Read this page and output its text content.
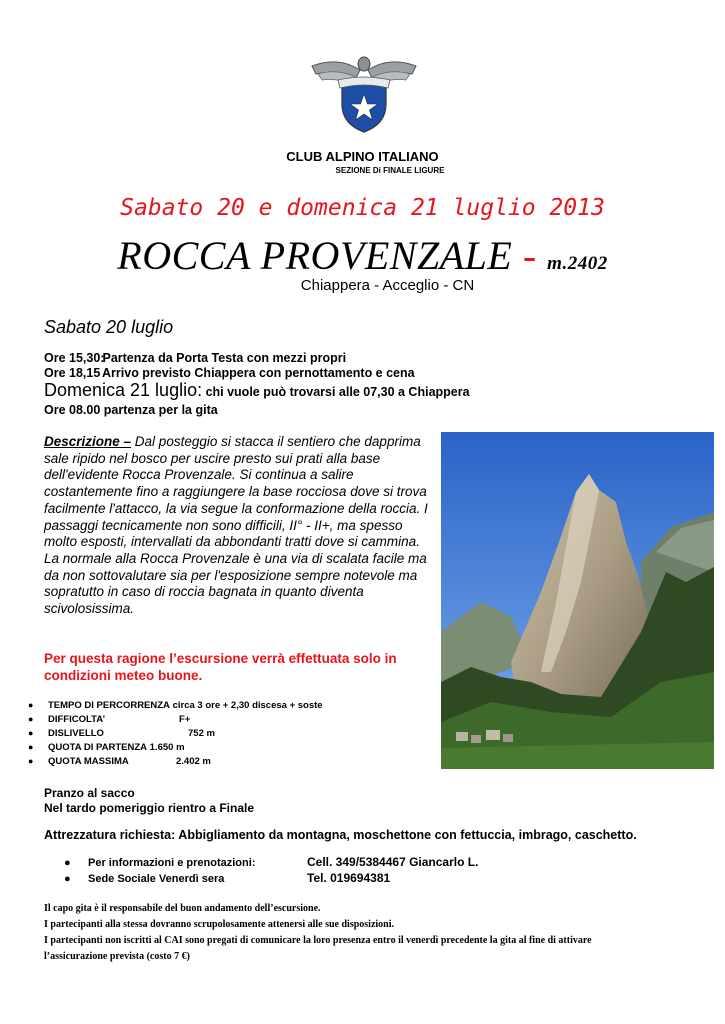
CLUB ALPINO ITALIANO
SEZIONE Di FINALE LIGURE
Sabato 20 e domenica 21 luglio 2013
ROCCA PROVENZALE - m.2402
Chiappera - Acceglio - CN
Sabato 20 luglio
Ore 15,30: Partenza da Porta Testa con mezzi propri
Ore 18,15 Arrivo previsto Chiappera con pernottamento e cena
Domenica 21 luglio: chi vuole può trovarsi alle 07,30 a Chiappera
Ore 08.00 partenza per la gita
Descrizione – Dal posteggio si stacca il sentiero che dapprima sale ripido nel bosco per uscire presto sui prati alla base dell'evidente Rocca Provenzale. Si continua a salire costantemente fino a raggiungere la base rocciosa dove si trova facilmente l'attacco, la via segue la conformazione della roccia. I passaggi tecnicamente non sono difficili, II° - II+, ma spesso molto esposti, intervallati da abbondanti tratti dove si cammina.
La normale alla Rocca Provenzale è una via di scalata facile ma da non sottovalutare sia per l'esposizione sempre notevole ma sopratutto in caso di roccia bagnata in quanto diventa scivolosissima.
Per questa ragione l’escursione verrà effettuata solo in condizioni meteo buone.
● TEMPO DI PERCORRENZA circa 3 ore + 2,30 discesa + soste
● DIFFICOLTA’	F+
● DISLIVELLO	752 m
● QUOTA DI PARTENZA 1.650 m
● QUOTA MASSIMA	2.402 m
Pranzo al sacco
Nel tardo pomeriggio rientro a Finale
Attrezzatura richiesta: Abbigliamento da montagna, moschettone con fettuccia, imbrago, caschetto.
● Per informazioni e prenotazioni:	Cell. 349/5384467 Giancarlo L.
● Sede Sociale Venerdì sera	Tel. 019694381
Il capo gita è il responsabile del buon andamento dell’escursione.
I partecipanti alla stessa dovranno scrupolosamente attenersi alle sue disposizioni.
I partecipanti non iscritti al CAI sono pregati di comunicare la loro presenza entro il venerdì precedente la gita al fine di attivare
l’assicurazione prevista (costo 7 €)
